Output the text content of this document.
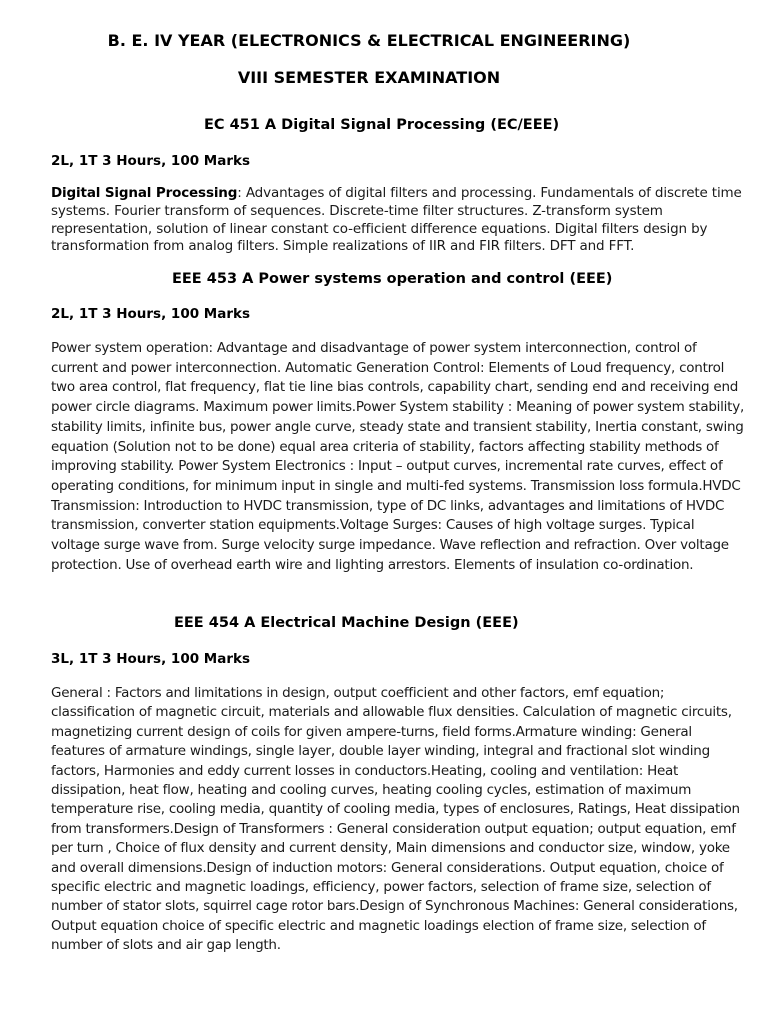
B. E. IV YEAR (ELECTRONICS & ELECTRICAL ENGINEERING)
VIII SEMESTER EXAMINATION
EC 451 A Digital Signal Processing (EC/EEE)
2L, 1T 3 Hours, 100 Marks

Digital Signal Processing: Advantages of digital filters and processing. Fundamentals of discrete time systems. Fourier transform of sequences. Discrete-time filter structures. Z-transform system representation, solution of linear constant co-efficient difference equations. Digital filters design by transformation from analog filters. Simple realizations of IIR and FIR filters. DFT and FFT.

EEE 453 A Power systems operation and control (EEE)
2L, 1T 3 Hours, 100 Marks

Power system operation: Advantage and disadvantage of power system interconnection, control of current and power interconnection. Automatic Generation Control: Elements of Loud frequency, control two area control, flat frequency, flat tie line bias controls, capability chart, sending end and receiving end power circle diagrams. Maximum power limits.Power System stability : Meaning of power system stability, stability limits, infinite bus, power angle curve, steady state and transient stability, Inertia constant, swing equation (Solution not to be done) equal area criteria of stability, factors affecting stability methods of improving stability. Power System Electronics : Input – output curves, incremental rate curves, effect of operating conditions, for minimum input in single and multi-fed systems. Transmission loss formula.HVDC Transmission: Introduction to HVDC transmission, type of DC links, advantages and limitations of HVDC transmission, converter station equipments.Voltage Surges: Causes of high voltage surges. Typical voltage surge wave from. Surge velocity surge impedance. Wave reflection and refraction. Over voltage protection. Use of overhead earth wire and lighting arrestors. Elements of insulation co-ordination.

EEE 454 A Electrical Machine Design (EEE)
3L, 1T 3 Hours, 100 Marks

General : Factors and limitations in design, output coefficient and other factors, emf equation; classification of magnetic circuit, materials and allowable flux densities. Calculation of magnetic circuits, magnetizing current design of coils for given ampere-turns, field forms.Armature winding: General features of armature windings, single layer, double layer winding, integral and fractional slot winding factors, Harmonies and eddy current losses in conductors.Heating, cooling and ventilation: Heat dissipation, heat flow, heating and cooling curves, heating cooling cycles, estimation of maximum temperature rise, cooling media, quantity of cooling media, types of enclosures, Ratings, Heat dissipation from transformers.Design of Transformers : General consideration output equation; output equation, emf per turn , Choice of flux density and current density, Main dimensions and conductor size, window, yoke and overall dimensions.Design of induction motors: General considerations. Output equation, choice of specific electric and magnetic loadings, efficiency, power factors, selection of frame size, selection of number of stator slots, squirrel cage rotor bars.Design of Synchronous Machines: General considerations, Output equation choice of specific electric and magnetic loadings election of frame size, selection of number of slots and air gap length.
